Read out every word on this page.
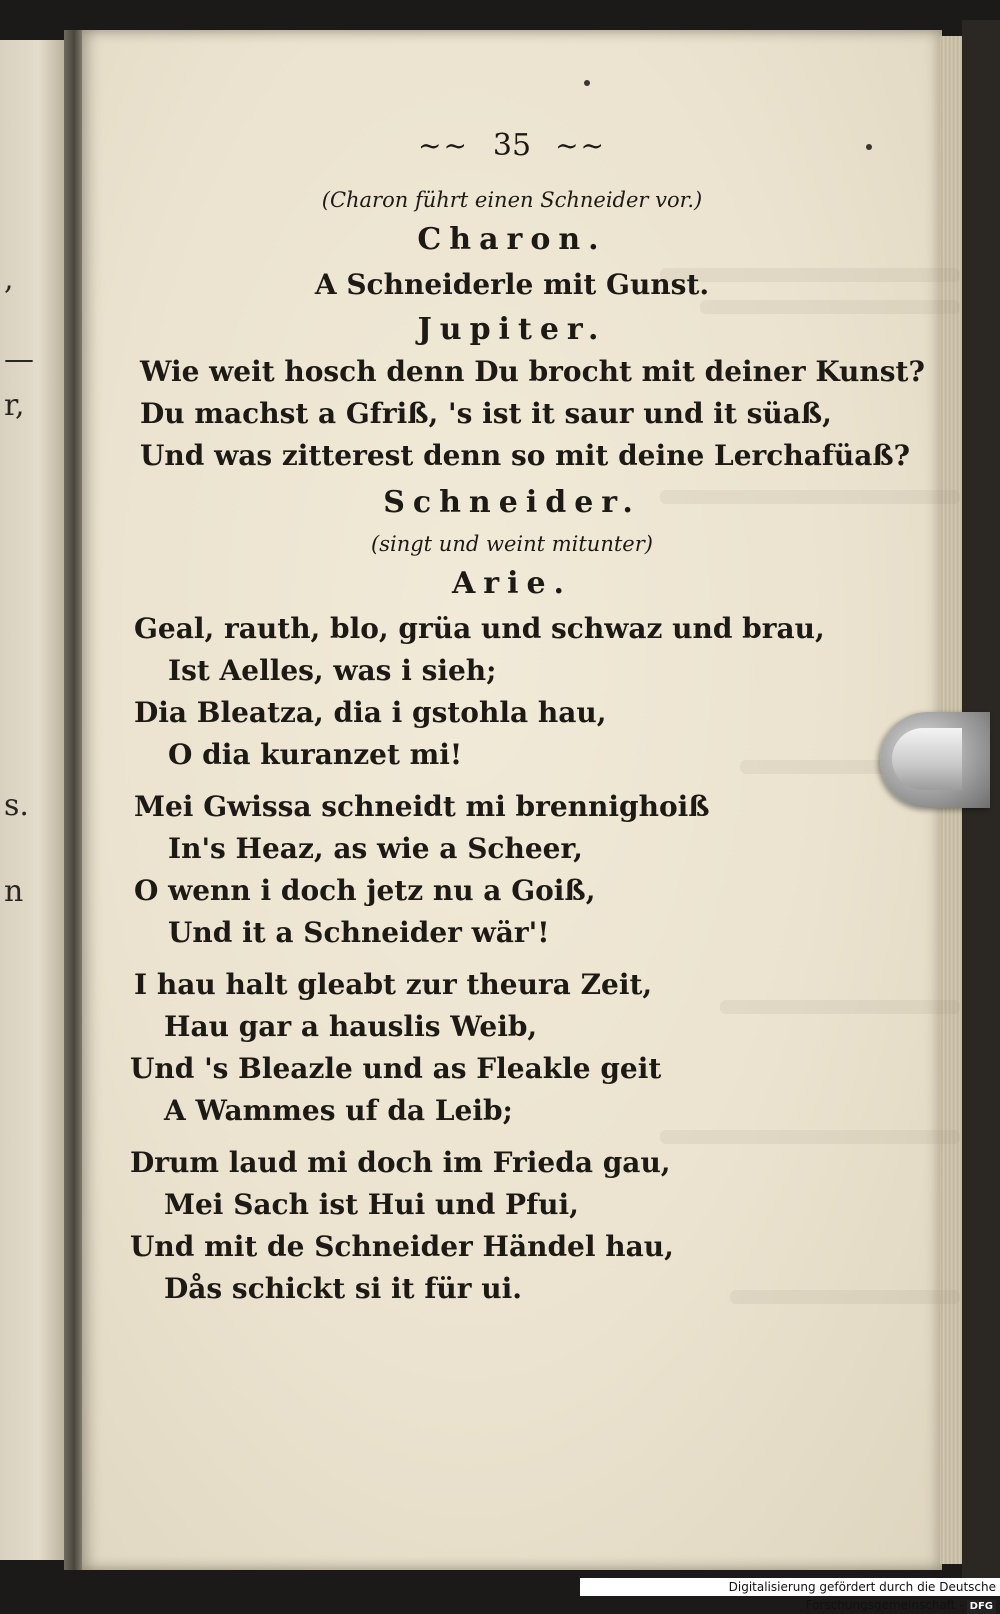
,
—
r,
s.
n
~~ 35 ~~
(Charon führt einen Schneider vor.)
Charon.
A Schneiderle mit Gunst.
Jupiter.
Wie weit hosch denn Du brocht mit deiner Kunst?
Du machst a Gfriß, 's ist it saur und it süaß,
Und was zitterest denn so mit deine Lerchafüaß?
Schneider.
(singt und weint mitunter)
Arie.
Geal, rauth, blo, grüa und schwaz und brau,
Ist Aelles, was i sieh;
Dia Bleatza, dia i gstohla hau,
O dia kuranzet mi!
Mei Gwissa schneidt mi brennighoiß
In's Heaz, as wie a Scheer,
O wenn i doch jetz nu a Goiß,
Und it a Schneider wär'!
I hau halt gleabt zur theura Zeit,
Hau gar a hauslis Weib,
Und 's Bleazle und as Fleakle geit
A Wammes uf da Leib;
Drum laud mi doch im Frieda gau,
Mei Sach ist Hui und Pfui,
Und mit de Schneider Händel hau,
Dås schickt si it für ui.
Digitalisierung gefördert durch die Deutsche Forschungsgemeinschaft - DFG
